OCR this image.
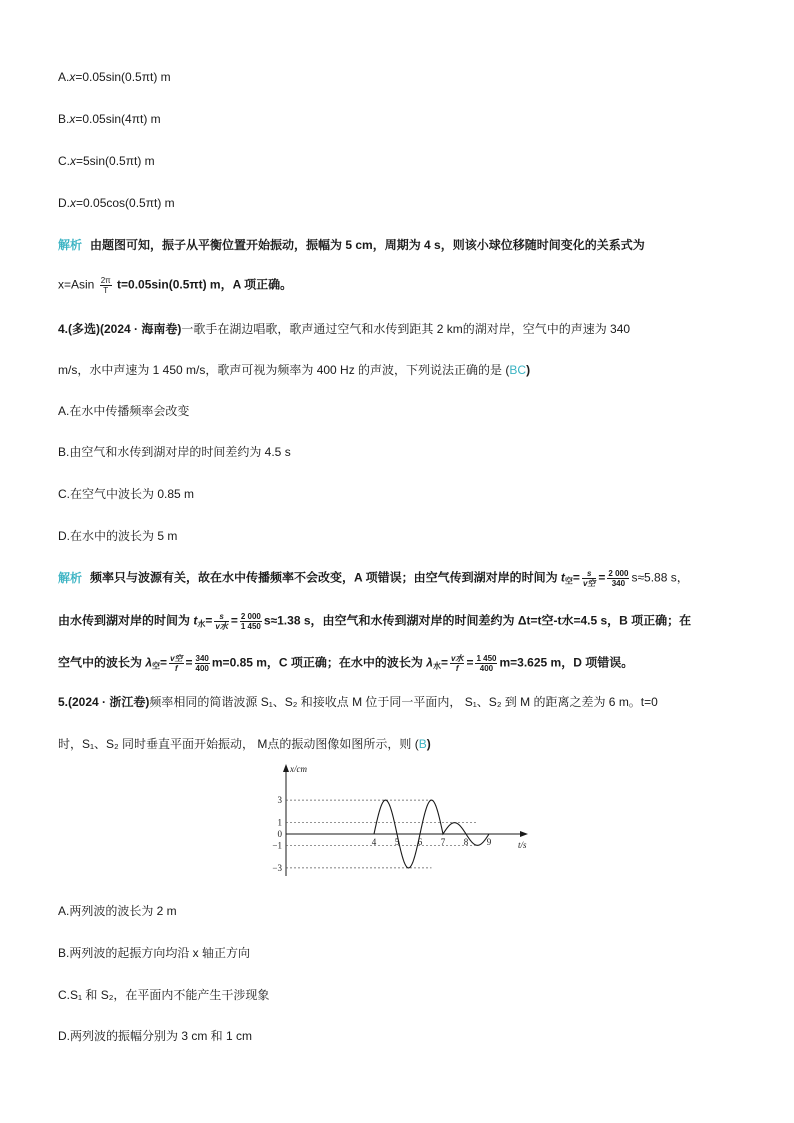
A.x=0.05sin(0.5πt) m
B.x=0.05sin(4πt) m
C.x=5sin(0.5πt) m
D.x=0.05cos(0.5πt) m
解析 由题图可知，振子从平衡位置开始振动，振幅为 5 cm，周期为 4 s，则该小球位移随时间变化的关系式为
$x=Asin \frac{2\pi}{T} t=0.05\sin(0.5\pi t)$ m，A 项正确。
4.(多选)(2024 · 海南卷)一歌手在湖边唱歌，歌声通过空气和水传到距其 2 km的湖对岸，空气中的声速为 340
m/s，水中声速为 1 450 m/s，歌声可视为频率为 400 Hz 的声波，下列说法正确的是 (BC)
A.在水中传播频率会改变
B.由空气和水传到湖对岸的时间差约为 4.5 s
C.在空气中波长为 0.85 m
D.在水中的波长为 5 m
解析 频率只与波源有关，故在水中传播频率不会改变，A 项错误；由空气传到湖对岸的时间为 $t_空= \frac{s}{\text{v空}} = \frac{2 000}{340} s\approx 5.88$ s，
由水传到湖对岸的时间为 $t_水= \frac{s}{\text{v水}} = \frac{2 000}{1 450} s\approx 1.38$ s，由空气和水传到湖对岸的时间差约为 Δt=t空-t水=4.5 s，B 项正确；在
空气中的波长为 $\lambda_空= \frac{\text{v空}}{f} = \frac{340}{400} m=0.85$ m，C 项正确；在水中的波长为 $\lambda_水= \frac{\text{v水}}{f} = \frac{1 450}{400} m=3.625$ m，D 项错误。
5.(2024 · 浙江卷)频率相同的简谐波源 S₁、S₂ 和接收点 M 位于同一平面内， S₁、S₂ 到 M 的距离之差为 6 m。t=0
时，S₁、S₂ 同时垂直平面开始振动， M点的振动图像如图所示，则 (B)
x/cm
t/s
3
1
0
−1
−3
4 5 6 7 8 9
A.两列波的波长为 2 m
B.两列波的起振方向均沿 x 轴正方向
C.S₁ 和 S₂，在平面内不能产生干涉现象
D.两列波的振幅分别为 3 cm 和 1 cm
